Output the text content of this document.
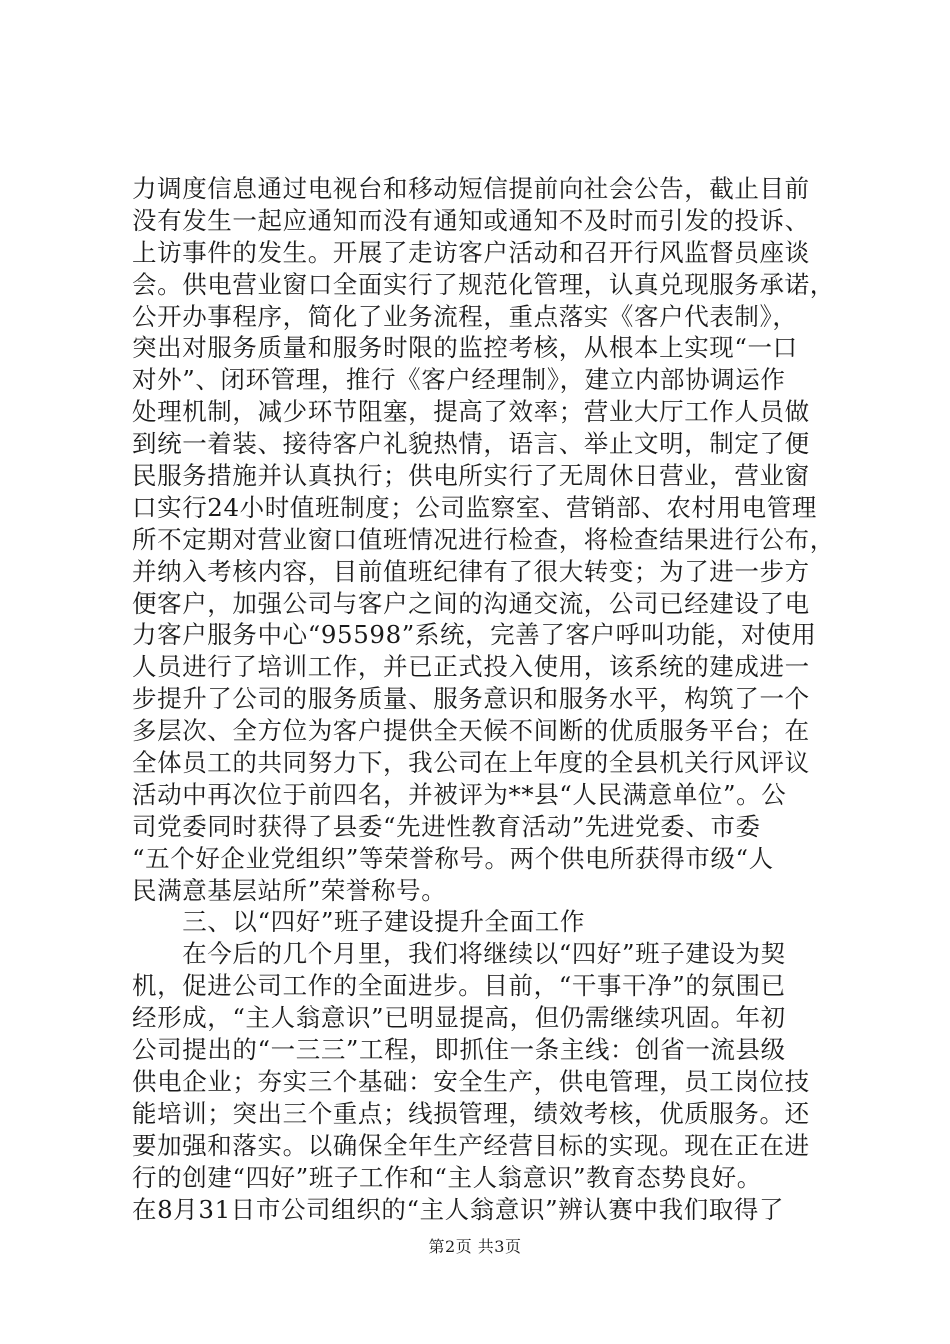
力调度信息通过电视台和移动短信提前向社会公告，截止目前
没有发生一起应通知而没有通知或通知不及时而引发的投诉、
上访事件的发生。开展了走访客户活动和召开行风监督员座谈
会。供电营业窗口全面实行了规范化管理，认真兑现服务承诺，
公开办事程序，简化了业务流程，重点落实《客户代表制》，
突出对服务质量和服务时限的监控考核，从根本上实现“一口
对外”、闭环管理，推行《客户经理制》，建立内部协调运作
处理机制，减少环节阻塞，提高了效率；营业大厅工作人员做
到统一着装、接待客户礼貌热情，语言、举止文明，制定了便
民服务措施并认真执行；供电所实行了无周休日营业，营业窗
口实行24小时值班制度；公司监察室、营销部、农村用电管理
所不定期对营业窗口值班情况进行检查，将检查结果进行公布，
并纳入考核内容，目前值班纪律有了很大转变；为了进一步方
便客户，加强公司与客户之间的沟通交流，公司已经建设了电
力客户服务中心“95598”系统，完善了客户呼叫功能，对使用
人员进行了培训工作，并已正式投入使用，该系统的建成进一
步提升了公司的服务质量、服务意识和服务水平，构筑了一个
多层次、全方位为客户提供全天候不间断的优质服务平台；在
全体员工的共同努力下，我公司在上年度的全县机关行风评议
活动中再次位于前四名，并被评为**县“人民满意单位”。公
司党委同时获得了县委“先进性教育活动”先进党委、市委
“五个好企业党组织”等荣誉称号。两个供电所获得市级“人
民满意基层站所”荣誉称号。
　　三、以“四好”班子建设提升全面工作
　　在今后的几个月里，我们将继续以“四好”班子建设为契
机，促进公司工作的全面进步。目前，“干事干净”的氛围已
经形成，“主人翁意识”已明显提高，但仍需继续巩固。年初
公司提出的“一三三”工程，即抓住一条主线：创省一流县级
供电企业；夯实三个基础：安全生产，供电管理，员工岗位技
能培训；突出三个重点；线损管理，绩效考核，优质服务。还
要加强和落实。以确保全年生产经营目标的实现。现在正在进
行的创建“四好”班子工作和“主人翁意识”教育态势良好。
在8月31日市公司组织的“主人翁意识”辨认赛中我们取得了
第2页 共3页
